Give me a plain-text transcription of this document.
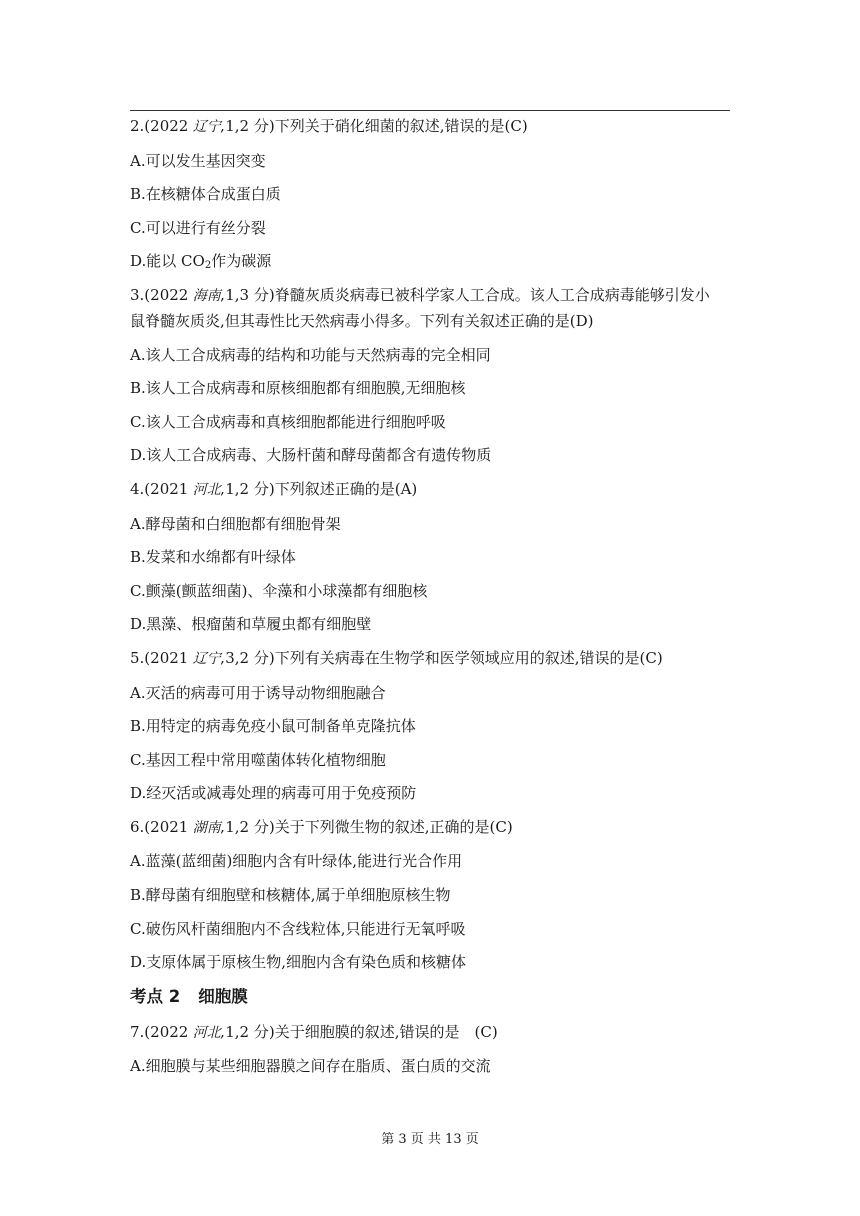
2.(2022 辽宁,1,2 分)下列关于硝化细菌的叙述,错误的是(C)
A.可以发生基因突变
B.在核糖体合成蛋白质
C.可以进行有丝分裂
D.能以 $CO_2$作为碳源
3.(2022 海南,1,3 分)脊髓灰质炎病毒已被科学家人工合成。该人工合成病毒能够引发小
鼠脊髓灰质炎,但其毒性比天然病毒小得多。下列有关叙述正确的是(D)
A.该人工合成病毒的结构和功能与天然病毒的完全相同
B.该人工合成病毒和原核细胞都有细胞膜,无细胞核
C.该人工合成病毒和真核细胞都能进行细胞呼吸
D.该人工合成病毒、大肠杆菌和酵母菌都含有遗传物质
4.(2021 河北,1,2 分)下列叙述正确的是(A)
A.酵母菌和白细胞都有细胞骨架
B.发菜和水绵都有叶绿体
C.颤藻(颤蓝细菌)、伞藻和小球藻都有细胞核
D.黑藻、根瘤菌和草履虫都有细胞壁
5.(2021 辽宁,3,2 分)下列有关病毒在生物学和医学领域应用的叙述,错误的是(C)
A.灭活的病毒可用于诱导动物细胞融合
B.用特定的病毒免疫小鼠可制备单克隆抗体
C.基因工程中常用噬菌体转化植物细胞
D.经灭活或减毒处理的病毒可用于免疫预防
6.(2021 湖南,1,2 分)关于下列微生物的叙述,正确的是(C)
A.蓝藻(蓝细菌)细胞内含有叶绿体,能进行光合作用
B.酵母菌有细胞壁和核糖体,属于单细胞原核生物
C.破伤风杆菌细胞内不含线粒体,只能进行无氧呼吸
D.支原体属于原核生物,细胞内含有染色质和核糖体
考点 2 细胞膜
7.(2022 河北,1,2 分)关于细胞膜的叙述,错误的是　(C)
A.细胞膜与某些细胞器膜之间存在脂质、蛋白质的交流
第 3 页 共 13 页
